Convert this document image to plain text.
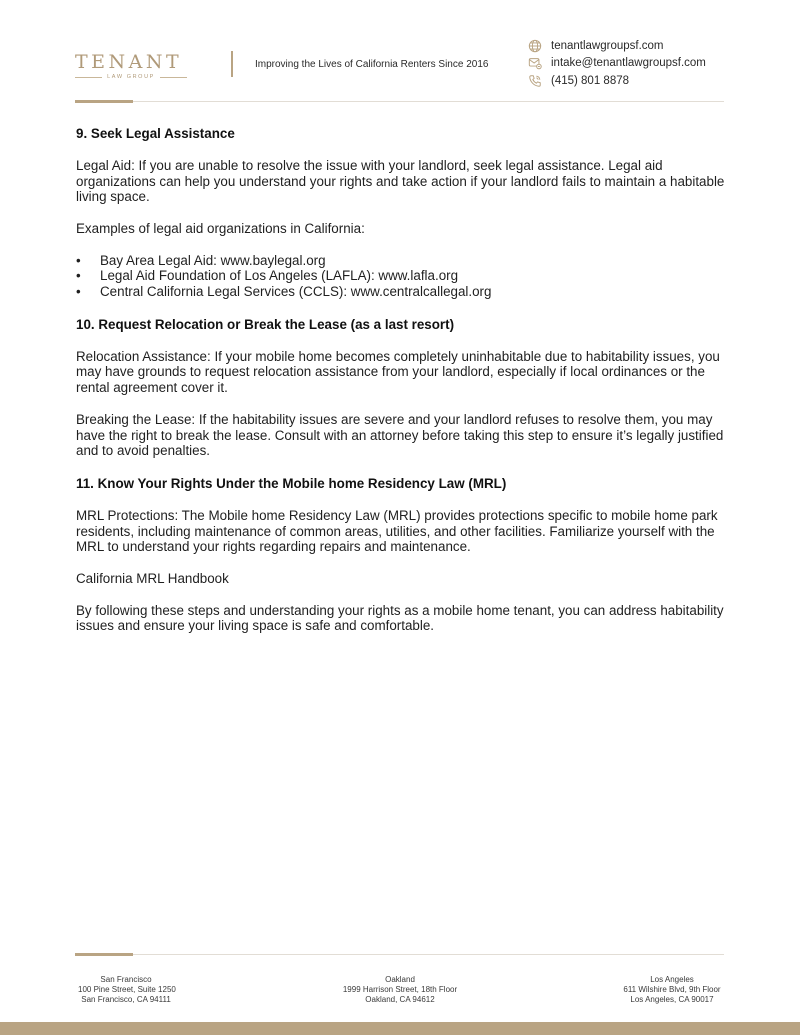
TENANT
LAW GROUP
Improving the Lives of California Renters Since 2016
tenantlawgroupsf.com
intake@tenantlawgroupsf.com
(415) 801 8878
9. Seek Legal Assistance

Legal Aid: If you are unable to resolve the issue with your landlord, seek legal assistance. Legal aid organizations can help you understand your rights and take action if your landlord fails to maintain a habitable living space.

Examples of legal aid organizations in California:

• Bay Area Legal Aid: www.baylegal.org
• Legal Aid Foundation of Los Angeles (LAFLA): www.lafla.org
• Central California Legal Services (CCLS): www.centralcallegal.org
10. Request Relocation or Break the Lease (as a last resort)

Relocation Assistance: If your mobile home becomes completely uninhabitable due to habitability issues, you may have grounds to request relocation assistance from your landlord, especially if local ordinances or the rental agreement cover it.

Breaking the Lease: If the habitability issues are severe and your landlord refuses to resolve them, you may have the right to break the lease. Consult with an attorney before taking this step to ensure it’s legally justified and to avoid penalties.

11. Know Your Rights Under the Mobile home Residency Law (MRL)

MRL Protections: The Mobile home Residency Law (MRL) provides protections specific to mobile home park residents, including maintenance of common areas, utilities, and other facilities. Familiarize yourself with the MRL to understand your rights regarding repairs and maintenance.

California MRL Handbook

By following these steps and understanding your rights as a mobile home tenant, you can address habitability issues and ensure your living space is safe and comfortable.

San Francisco
100 Pine Street, Suite 1250
San Francisco, CA 94111
Oakland
1999 Harrison Street, 18th Floor
Oakland, CA 94612
Los Angeles
611 Wilshire Blvd, 9th Floor
Los Angeles, CA 90017
